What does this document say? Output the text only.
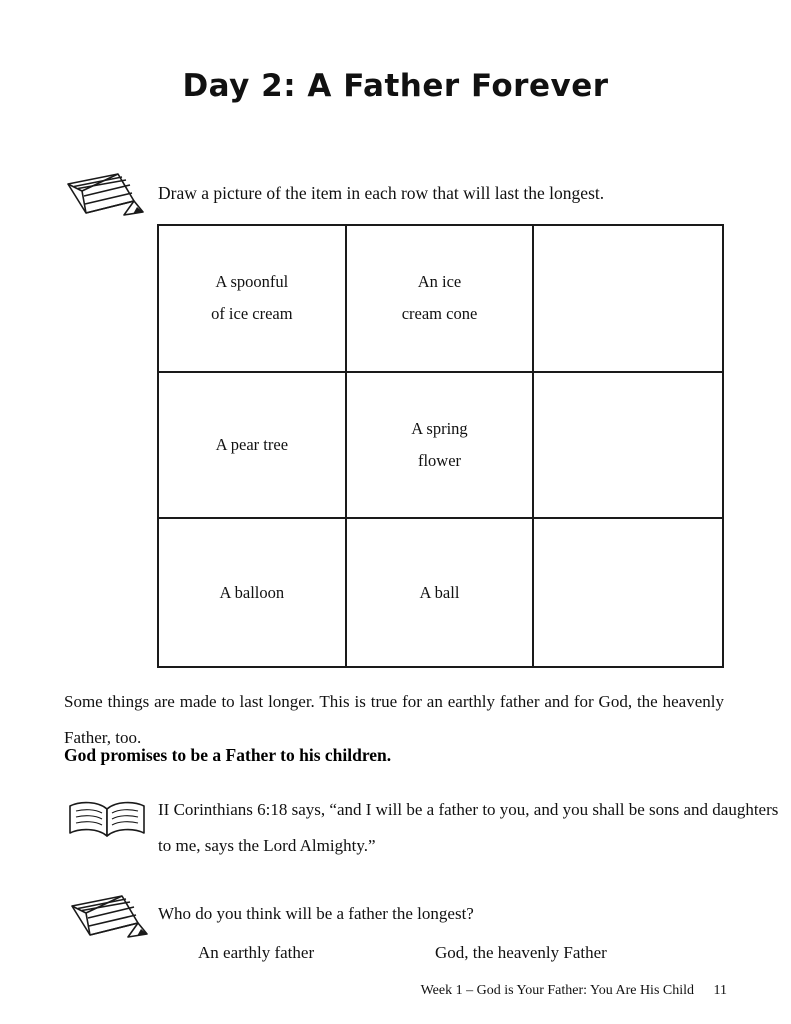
Day 2: A Father Forever
Draw a picture of the item in each row that will last the longest.
A spoonful
of ice cream
An ice
cream cone
A pear tree
A spring
flower
A balloon	A ball
Some things are made to last longer. This is true for an earthly father and for God, the heavenly Father, too.
God promises to be a Father to his children.
II Corinthians 6:18 says, “and I will be a father to you, and you shall be sons and daughters to me, says the Lord Almighty.”
Who do you think will be a father the longest?
An earthly father	God, the heavenly Father
Week 1 – God is Your Father: You Are His Child 11
